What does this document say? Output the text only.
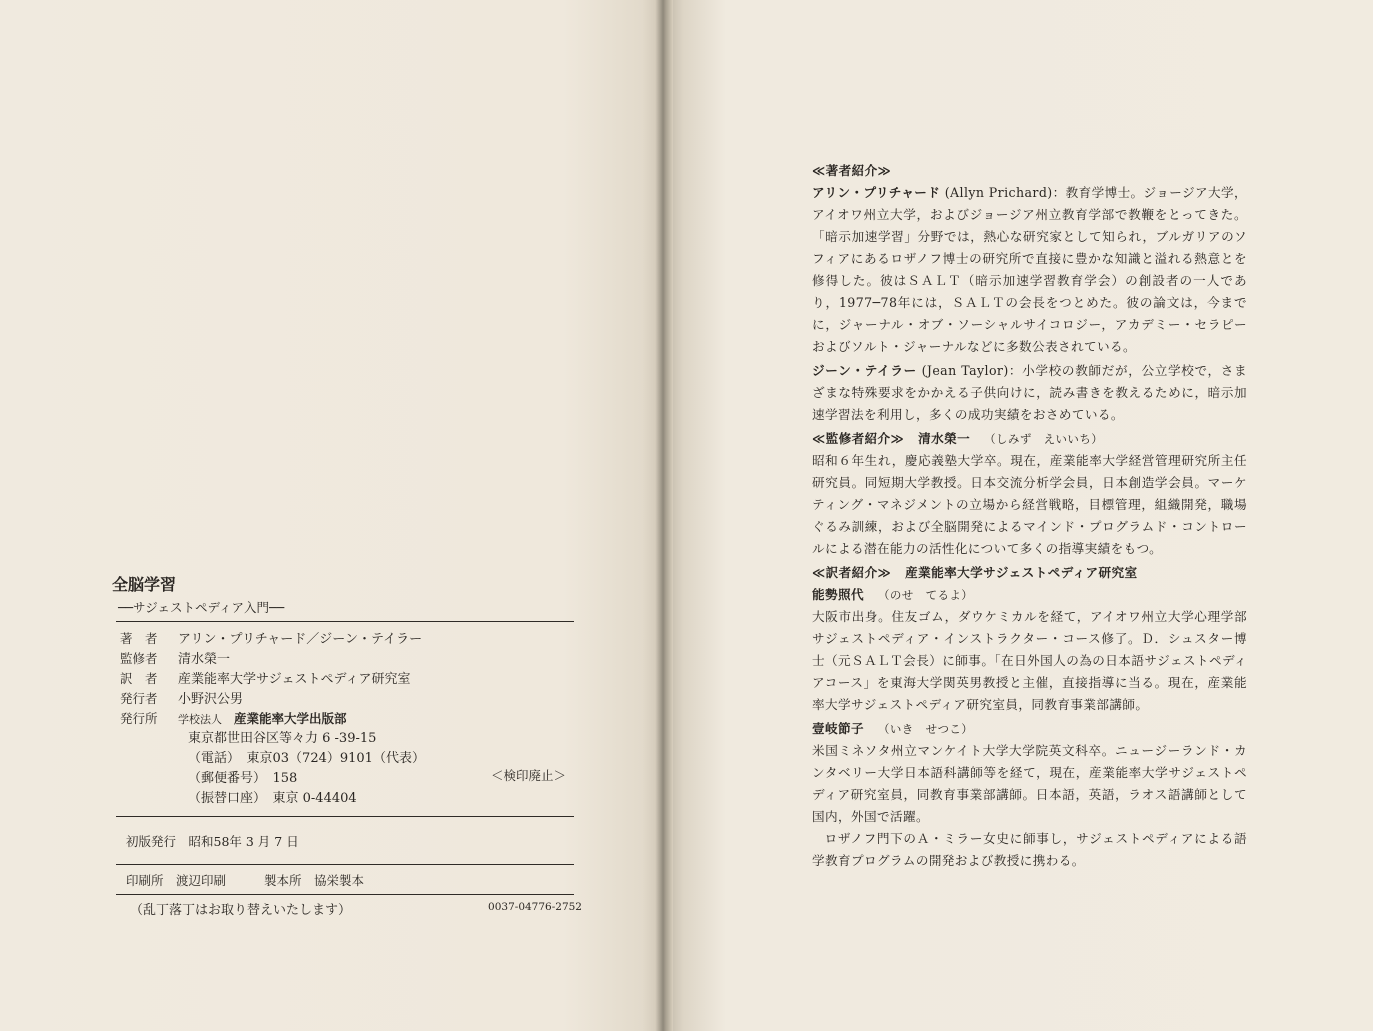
全脳学習
──サジェストペディア入門──
著　者	アリン・プリチャード／ジーン・テイラー
監修者	清水榮一
訳　者	産業能率大学サジェストペディア研究室
発行者	小野沢公男
発行所	学校法人 産業能率大学出版部
東京都世田谷区等々力 6 -39-15
（電話）　東京03（724）9101（代表）
（郵便番号）　158
（振替口座）　東京 0-44404
＜検印廃止＞
初版発行　昭和58年 3 月 7 日
印刷所　渡辺印刷	製本所　協栄製本
（乱丁落丁はお取り替えいたします）	0037-04776-2752
≪著者紹介≫
アリン・プリチャード (Allyn Prichard)：教育学博士。ジョージア大学，アイオワ州立大学，およびジョージア州立教育学部で教鞭をとってきた。「暗示加速学習」分野では，熱心な研究家として知られ，ブルガリアのソフィアにあるロザノフ博士の研究所で直接に豊かな知識と溢れる熱意とを修得した。彼はＳＡＬＴ（暗示加速学習教育学会）の創設者の一人であり，1977─78年には，ＳＡＬＴの会長をつとめた。彼の論文は，今までに，ジャーナル・オブ・ソーシャルサイコロジー，アカデミー・セラピーおよびソルト・ジャーナルなどに多数公表されている。
ジーン・テイラー (Jean Taylor)：小学校の教師だが，公立学校で，さまざまな特殊要求をかかえる子供向けに，読み書きを教えるために，暗示加速学習法を利用し，多くの成功実績をおさめている。
≪監修者紹介≫ 清水榮一 （しみず　えいいち）
昭和６年生れ，慶応義塾大学卒。現在，産業能率大学経営管理研究所主任研究員。同短期大学教授。日本交流分析学会員，日本創造学会員。マーケティング・マネジメントの立場から経営戦略，目標管理，組織開発，職場ぐるみ訓練，および全脳開発によるマインド・プログラムド・コントロールによる潜在能力の活性化について多くの指導実績をもつ。
≪訳者紹介≫ 産業能率大学サジェストペディア研究室
能勢照代 （のせ　てるよ）
大阪市出身。住友ゴム，ダウケミカルを経て，アイオワ州立大学心理学部サジェストペディア・インストラクター・コース修了。Ｄ．シュスター博士（元ＳＡＬＴ会長）に師事。「在日外国人の為の日本語サジェストペディアコース」を東海大学関英男教授と主催，直接指導に当る。現在，産業能率大学サジェストペディア研究室員，同教育事業部講師。
壹岐節子 （いき　せつこ）
米国ミネソタ州立マンケイト大学大学院英文科卒。ニュージーランド・カンタベリー大学日本語科講師等を経て，現在，産業能率大学サジェストペディア研究室員，同教育事業部講師。日本語，英語，ラオス語講師として国内，外国で活躍。
ロザノフ門下のＡ・ミラー女史に師事し，サジェストペディアによる語学教育プログラムの開発および教授に携わる。
